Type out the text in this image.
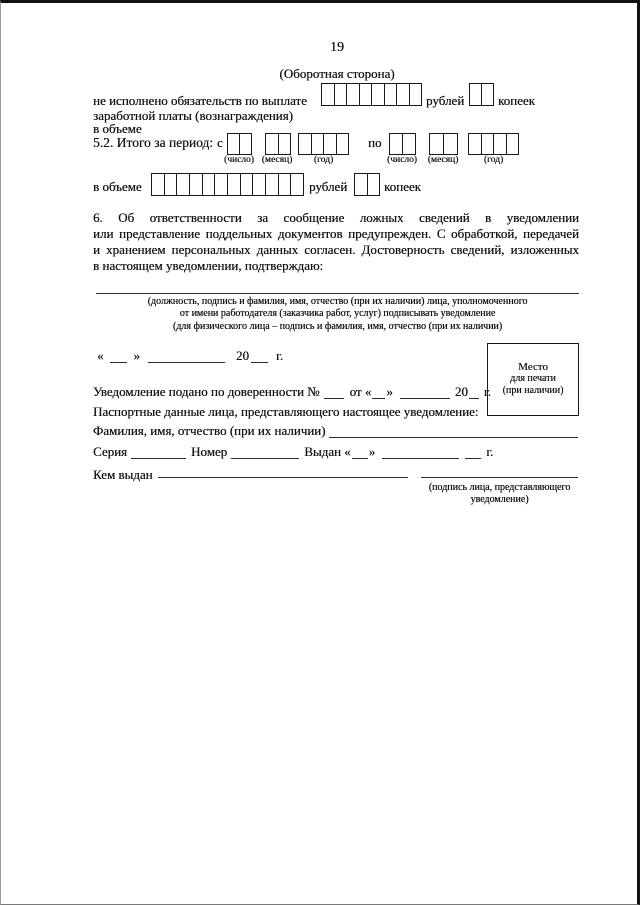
19
(Оборотная сторона)
не исполнено обязательств по выплате	рублей	копеек
заработной платы (вознаграждения)
в объеме
5.2. Итого за период: с	по
(число) (месяц)	(год)	(число)	(месяц)	(год)
в объеме	рублей	копеек
6. Об ответственности за сообщение ложных сведений в уведомлении
или представление поддельных документов предупрежден. С обработкой, передачей
и хранением персональных данных согласен. Достоверность сведений, изложенных
в настоящем уведомлении, подтверждаю:
(должность, подпись и фамилия, имя, отчество (при их наличии) лица, уполномоченного
от имени работодателя (заказчика работ, услуг) подписывать уведомление
(для физического лица – подпись и фамилия, имя, отчество (при их наличии)
« »	20 г.
Место
для печати
(при наличии)
Уведомление подано по доверенности № от « »	20 г.
Паспортные данные лица, представляющего настоящее уведомление:
Фамилия, имя, отчество (при их наличии)
Серия	Номер	Выдан « »	г.
Кем выдан
(подпись лица, представляющего
уведомление)
